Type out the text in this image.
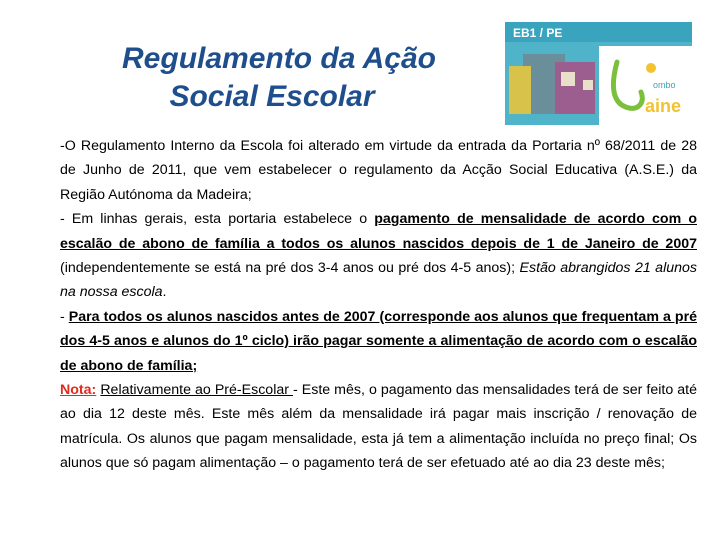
Regulamento da Ação
Social Escolar
EB1 / PE
ombo
aine

-O Regulamento Interno da Escola foi alterado em virtude da entrada da Portaria nº 68/2011 de 28 de Junho de 2011, que vem estabelecer o regulamento da Acção Social Educativa (A.S.E.) da Região Autónoma da Madeira;

- Em linhas gerais, esta portaria estabelece o pagamento de mensalidade de acordo com o escalão de abono de família a todos os alunos nascidos depois de 1 de Janeiro de 2007 (independentemente se está na pré dos 3-4 anos ou pré dos 4-5 anos); Estão abrangidos 21 alunos na nossa escola.

- Para todos os alunos nascidos antes de 2007 (corresponde aos alunos que frequentam a pré dos 4-5 anos e alunos do 1º ciclo) irão pagar somente a alimentação de acordo com o escalão de abono de família;

Nota: Relativamente ao Pré-Escolar - Este mês, o pagamento das mensalidades terá de ser feito até ao dia 12 deste mês. Este mês além da mensalidade irá pagar mais inscrição / renovação de matrícula. Os alunos que pagam mensalidade, esta já tem a alimentação incluída no preço final; Os alunos que só pagam alimentação – o pagamento terá de ser efetuado até ao dia 23 deste mês;
